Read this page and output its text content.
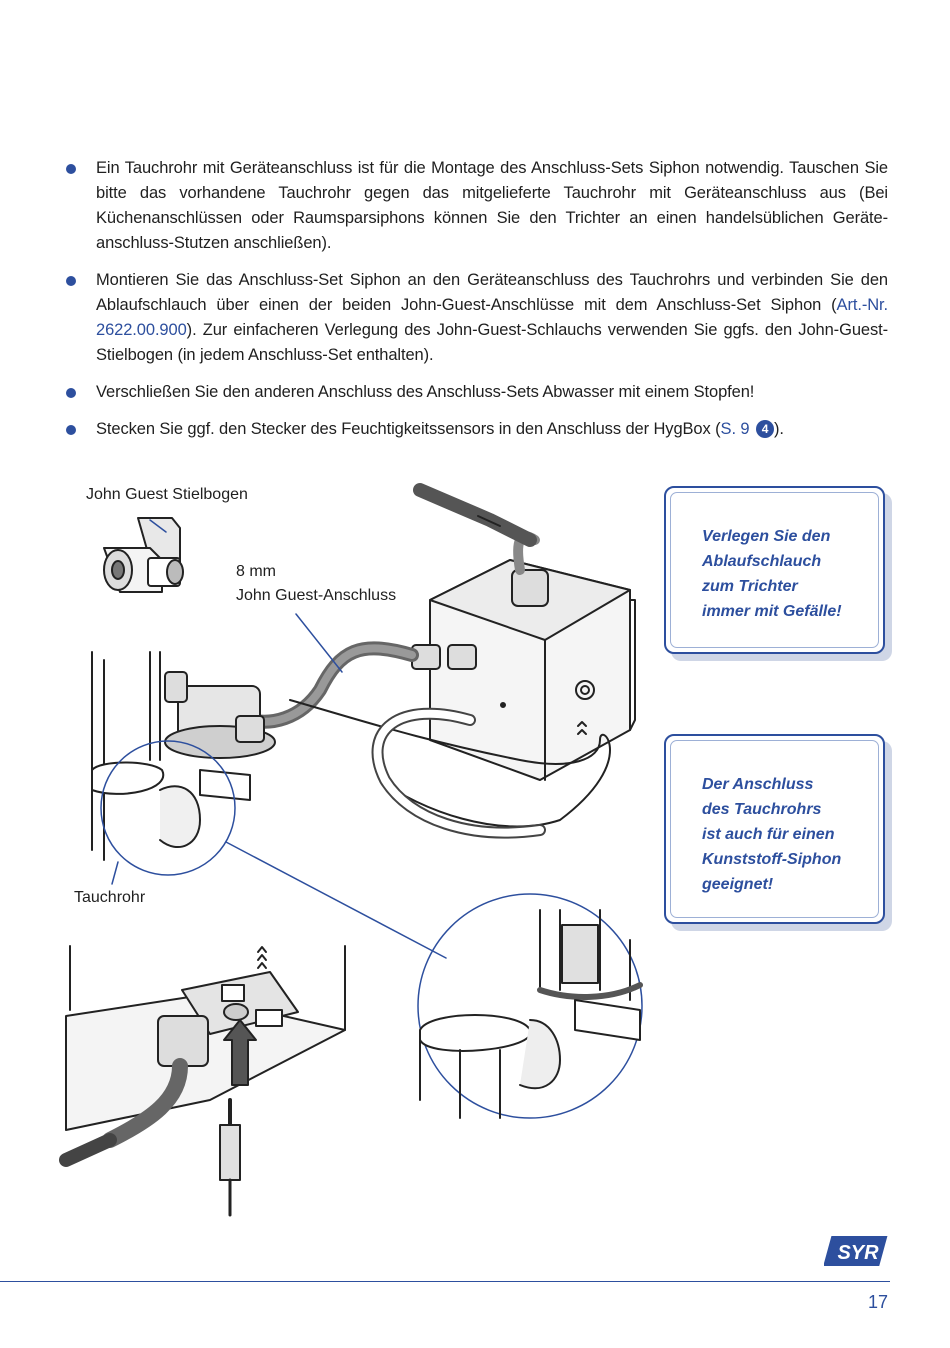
Ein Tauchrohr mit Geräteanschluss ist für die Montage des Anschluss-Sets Siphon notwendig. Tauschen Sie bitte das vorhandene Tauchrohr gegen das mitgelieferte Tauchrohr mit Geräteanschluss aus (Bei Küchenanschlüssen oder Raumsparsiphons können Sie den Trichter an einen handelsüblichen Geräte-anschluss-Stutzen anschließen).
Montieren Sie das Anschluss-Set Siphon an den Geräteanschluss des Tauchrohrs und verbinden Sie den Ablaufschlauch über einen der beiden John-Guest-Anschlüsse mit dem Anschluss-Set Siphon (Art.-Nr. 2622.00.900). Zur einfacheren Verlegung des John-Guest-Schlauchs verwenden Sie ggfs. den John-Guest-Stielbogen (in jedem Anschluss-Set enthalten).
Verschließen Sie den anderen Anschluss des Anschluss-Sets Abwasser mit einem Stopfen!
Stecken Sie ggf. den Stecker des Feuchtigkeitssensors in den Anschluss der HygBox (S. 9 4 ).
John Guest Stielbogen
8 mm
John Guest-Anschluss
Tauchrohr
Verlegen Sie den
Ablaufschlauch
zum Trichter
immer mit Gefälle!
Der Anschluss
des Tauchrohrs
ist auch für einen
Kunststoff-Siphon
geeignet!
SYR
17
